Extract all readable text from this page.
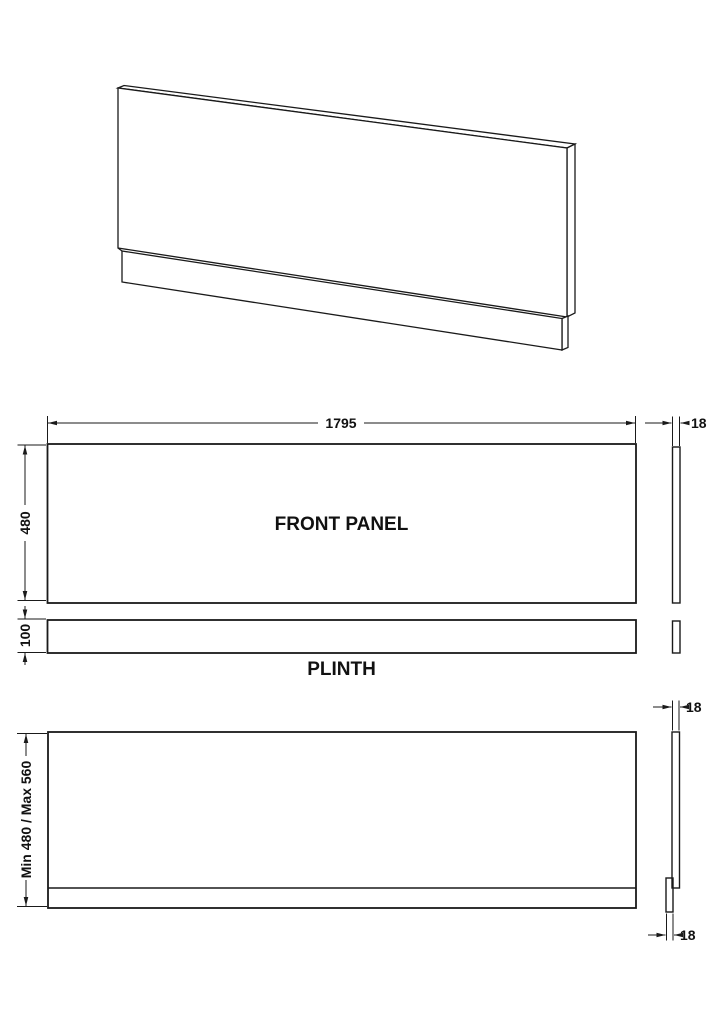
FRONT PANEL
1795	18
480
PLINTH
100
Min 480 / Max 560
18
18
